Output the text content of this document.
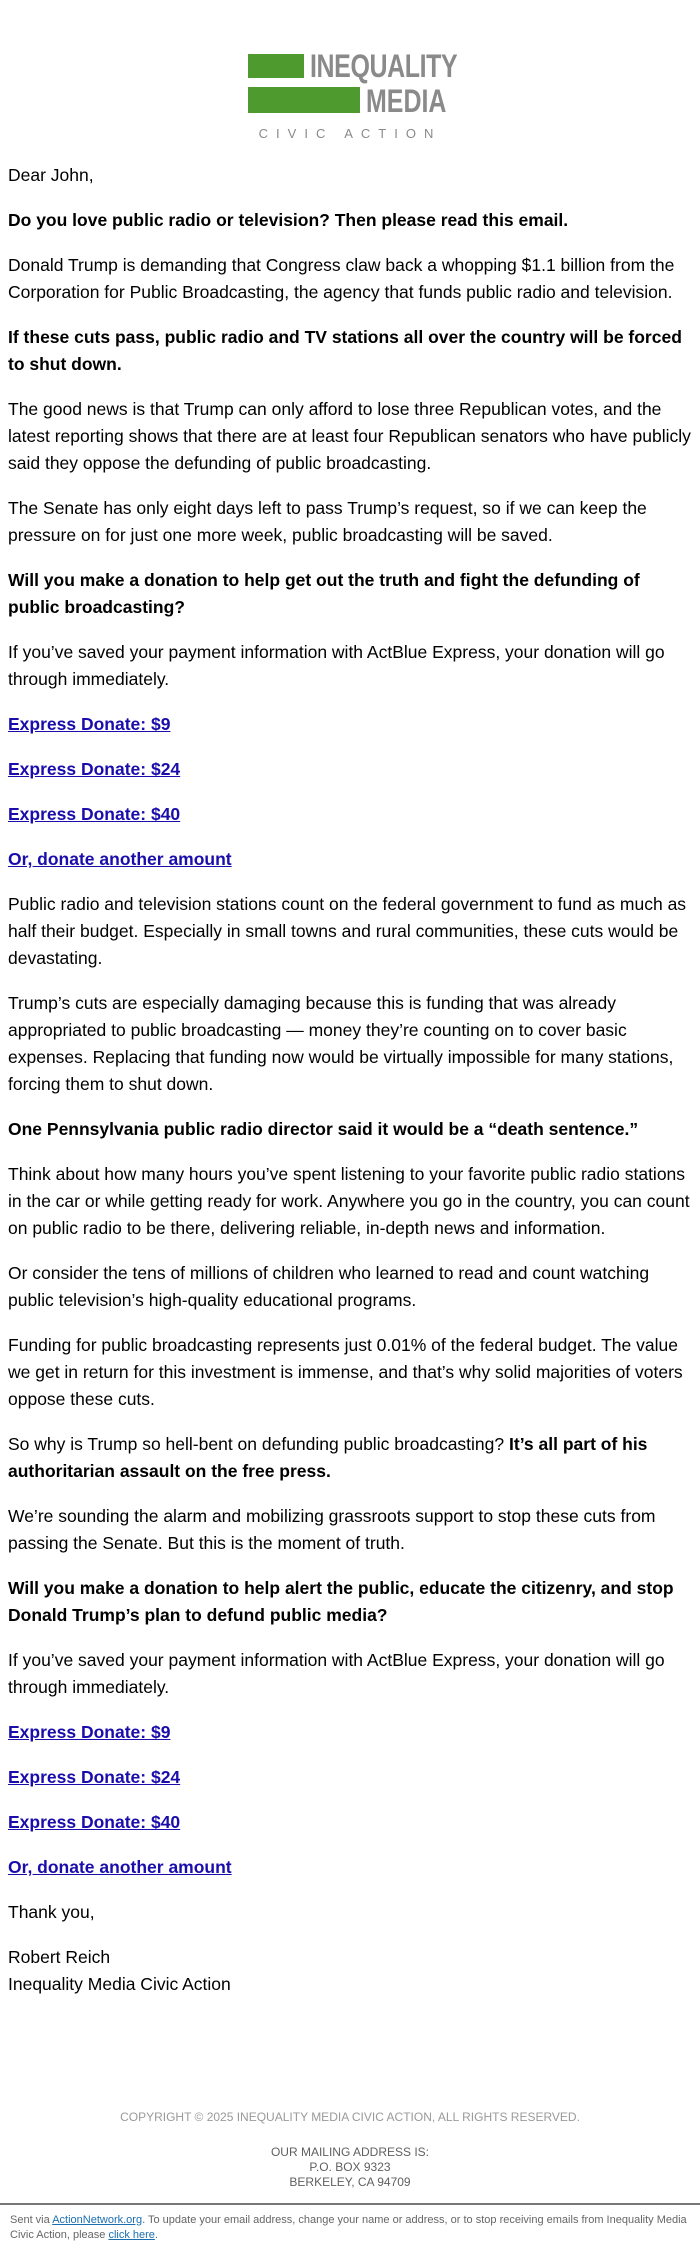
INEQUALITY
MEDIA
CIVIC ACTION

Dear John,

Do you love public radio or television? Then please read this email.

Donald Trump is demanding that Congress claw back a whopping $1.1 billion from the Corporation for Public Broadcasting, the agency that funds public radio and television.

If these cuts pass, public radio and TV stations all over the country will be forced to shut down.

The good news is that Trump can only afford to lose three Republican votes, and the latest reporting shows that there are at least four Republican senators who have publicly said they oppose the defunding of public broadcasting.

The Senate has only eight days left to pass Trump’s request, so if we can keep the pressure on for just one more week, public broadcasting will be saved.

Will you make a donation to help get out the truth and fight the defunding of public broadcasting?

If you’ve saved your payment information with ActBlue Express, your donation will go through immediately.

Express Donate: $9

Express Donate: $24

Express Donate: $40

Or, donate another amount

Public radio and television stations count on the federal government to fund as much as half their budget. Especially in small towns and rural communities, these cuts would be devastating.

Trump’s cuts are especially damaging because this is funding that was already appropriated to public broadcasting — money they’re counting on to cover basic expenses. Replacing that funding now would be virtually impossible for many stations, forcing them to shut down.

One Pennsylvania public radio director said it would be a “death sentence.”

Think about how many hours you’ve spent listening to your favorite public radio stations in the car or while getting ready for work. Anywhere you go in the country, you can count on public radio to be there, delivering reliable, in-depth news and information.

Or consider the tens of millions of children who learned to read and count watching public television’s high-quality educational programs.

Funding for public broadcasting represents just 0.01% of the federal budget. The value we get in return for this investment is immense, and that’s why solid majorities of voters oppose these cuts.

So why is Trump so hell-bent on defunding public broadcasting? It’s all part of his authoritarian assault on the free press.

We’re sounding the alarm and mobilizing grassroots support to stop these cuts from passing the Senate. But this is the moment of truth.

Will you make a donation to help alert the public, educate the citizenry, and stop Donald Trump’s plan to defund public media?

If you’ve saved your payment information with ActBlue Express, your donation will go through immediately.

Express Donate: $9

Express Donate: $24

Express Donate: $40

Or, donate another amount

Thank you,

Robert Reich
Inequality Media Civic Action

COPYRIGHT © 2025 INEQUALITY MEDIA CIVIC ACTION, ALL RIGHTS RESERVED.
OUR MAILING ADDRESS IS:
P.O. BOX 9323
BERKELEY, CA 94709
Sent via ActionNetwork.org. To update your email address, change your name or address, or to stop receiving emails from Inequality Media Civic Action, please click here.
